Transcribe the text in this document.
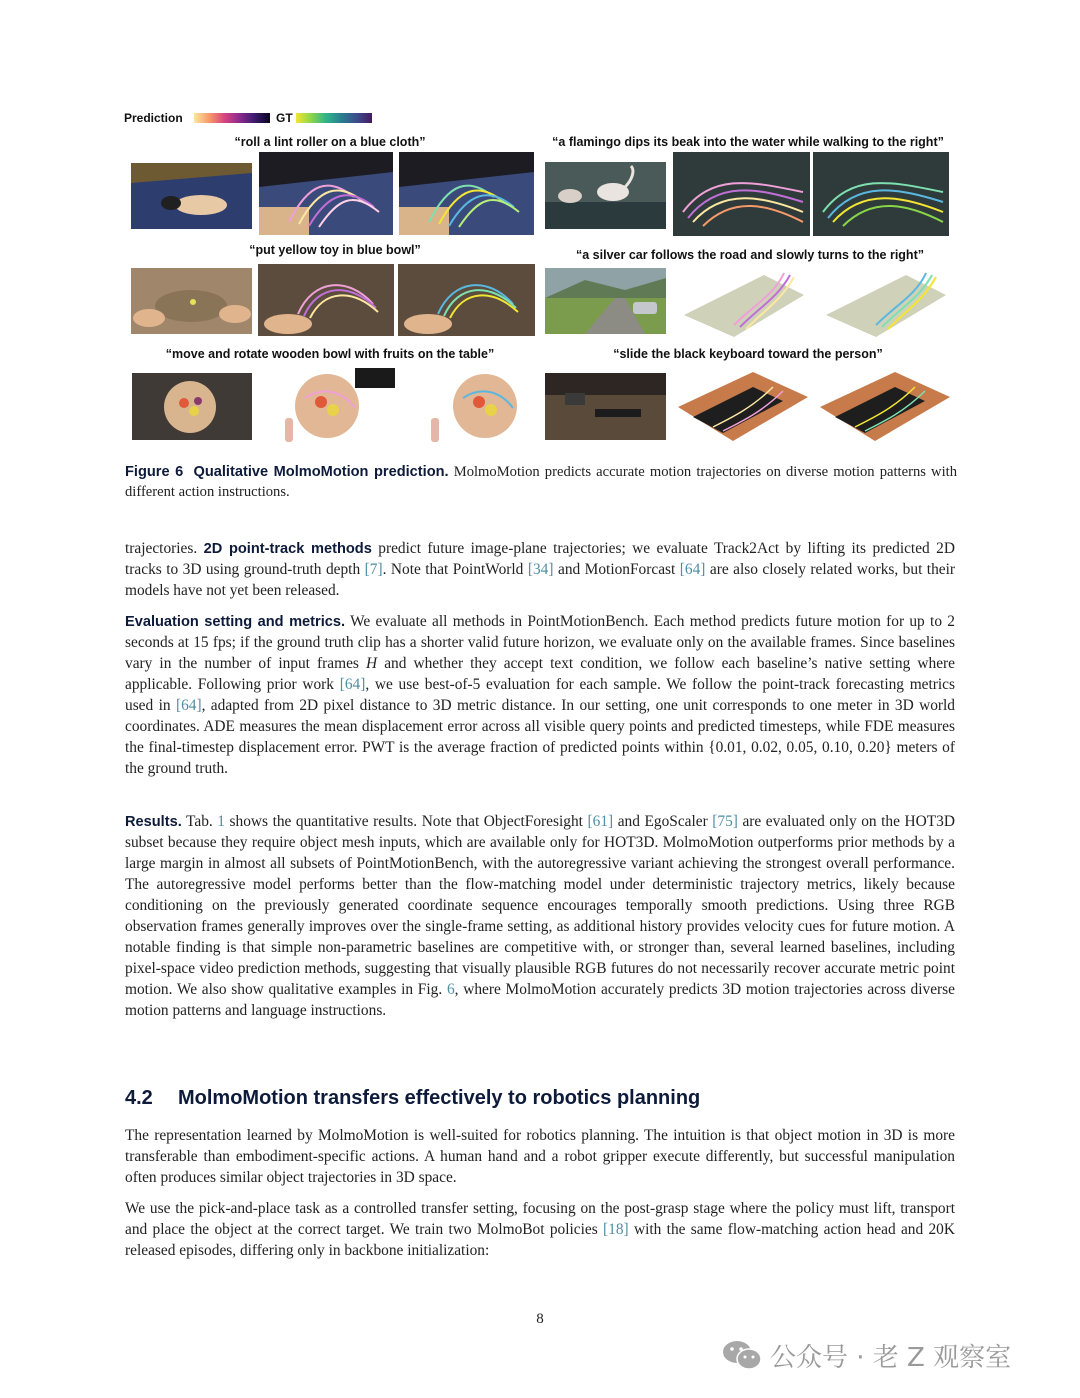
Prediction	GT
“roll a lint roller on a blue cloth”	“a flamingo dips its beak into the water while walking to the right”
“put yellow toy in blue bowl”	“a silver car follows the road and slowly turns to the right”
“move and rotate wooden bowl with fruits on the table”	“slide the black keyboard toward the person”
Figure 6 Qualitative MolmoMotion prediction. MolmoMotion predicts accurate motion trajectories on diverse motion patterns with different action instructions.
trajectories. 2D point-track methods predict future image-plane trajectories; we evaluate Track2Act by lifting its predicted 2D tracks to 3D using ground-truth depth [7]. Note that PointWorld [34] and MotionForcast [64] are also closely related works, but their models have not yet been released.
Evaluation setting and metrics. We evaluate all methods in PointMotionBench. Each method predicts future motion for up to 2 seconds at 15 fps; if the ground truth clip has a shorter valid future horizon, we evaluate only on the available frames. Since baselines vary in the number of input frames H and whether they accept text condition, we follow each baseline’s native setting where applicable. Following prior work [64], we use best-of-5 evaluation for each sample. We follow the point-track forecasting metrics used in [64], adapted from 2D pixel distance to 3D metric distance. In our setting, one unit corresponds to one meter in 3D world coordinates. ADE measures the mean displacement error across all visible query points and predicted timesteps, while FDE measures the final-timestep displacement error. PWT is the average fraction of predicted points within {0.01, 0.02, 0.05, 0.10, 0.20} meters of the ground truth.
Results. Tab. 1 shows the quantitative results. Note that ObjectForesight [61] and EgoScaler [75] are evaluated only on the HOT3D subset because they require object mesh inputs, which are available only for HOT3D. MolmoMotion outperforms prior methods by a large margin in almost all subsets of PointMotionBench, with the autoregressive variant achieving the strongest overall performance. The autoregressive model performs better than the flow-matching model under deterministic trajectory metrics, likely because conditioning on the previously generated coordinate sequence encourages temporally smooth predictions. Using three RGB observation frames generally improves over the single-frame setting, as additional history provides velocity cues for future motion. A notable finding is that simple non-parametric baselines are competitive with, or stronger than, several learned baselines, including pixel-space video prediction methods, suggesting that visually plausible RGB futures do not necessarily recover accurate metric point motion. We also show qualitative examples in Fig. 6, where MolmoMotion accurately predicts 3D motion trajectories across diverse motion patterns and language instructions.
4.2 MolmoMotion transfers effectively to robotics planning
The representation learned by MolmoMotion is well-suited for robotics planning. The intuition is that object motion in 3D is more transferable than embodiment-specific actions. A human hand and a robot gripper execute differently, but successful manipulation often produces similar object trajectories in 3D space.
We use the pick-and-place task as a controlled transfer setting, focusing on the post-grasp stage where the policy must lift, transport and place the object at the correct target. We train two MolmoBot policies [18] with the same flow-matching action head and 20K released episodes, differing only in backbone initialization:
8
公众号 · 老 Z 观察室
